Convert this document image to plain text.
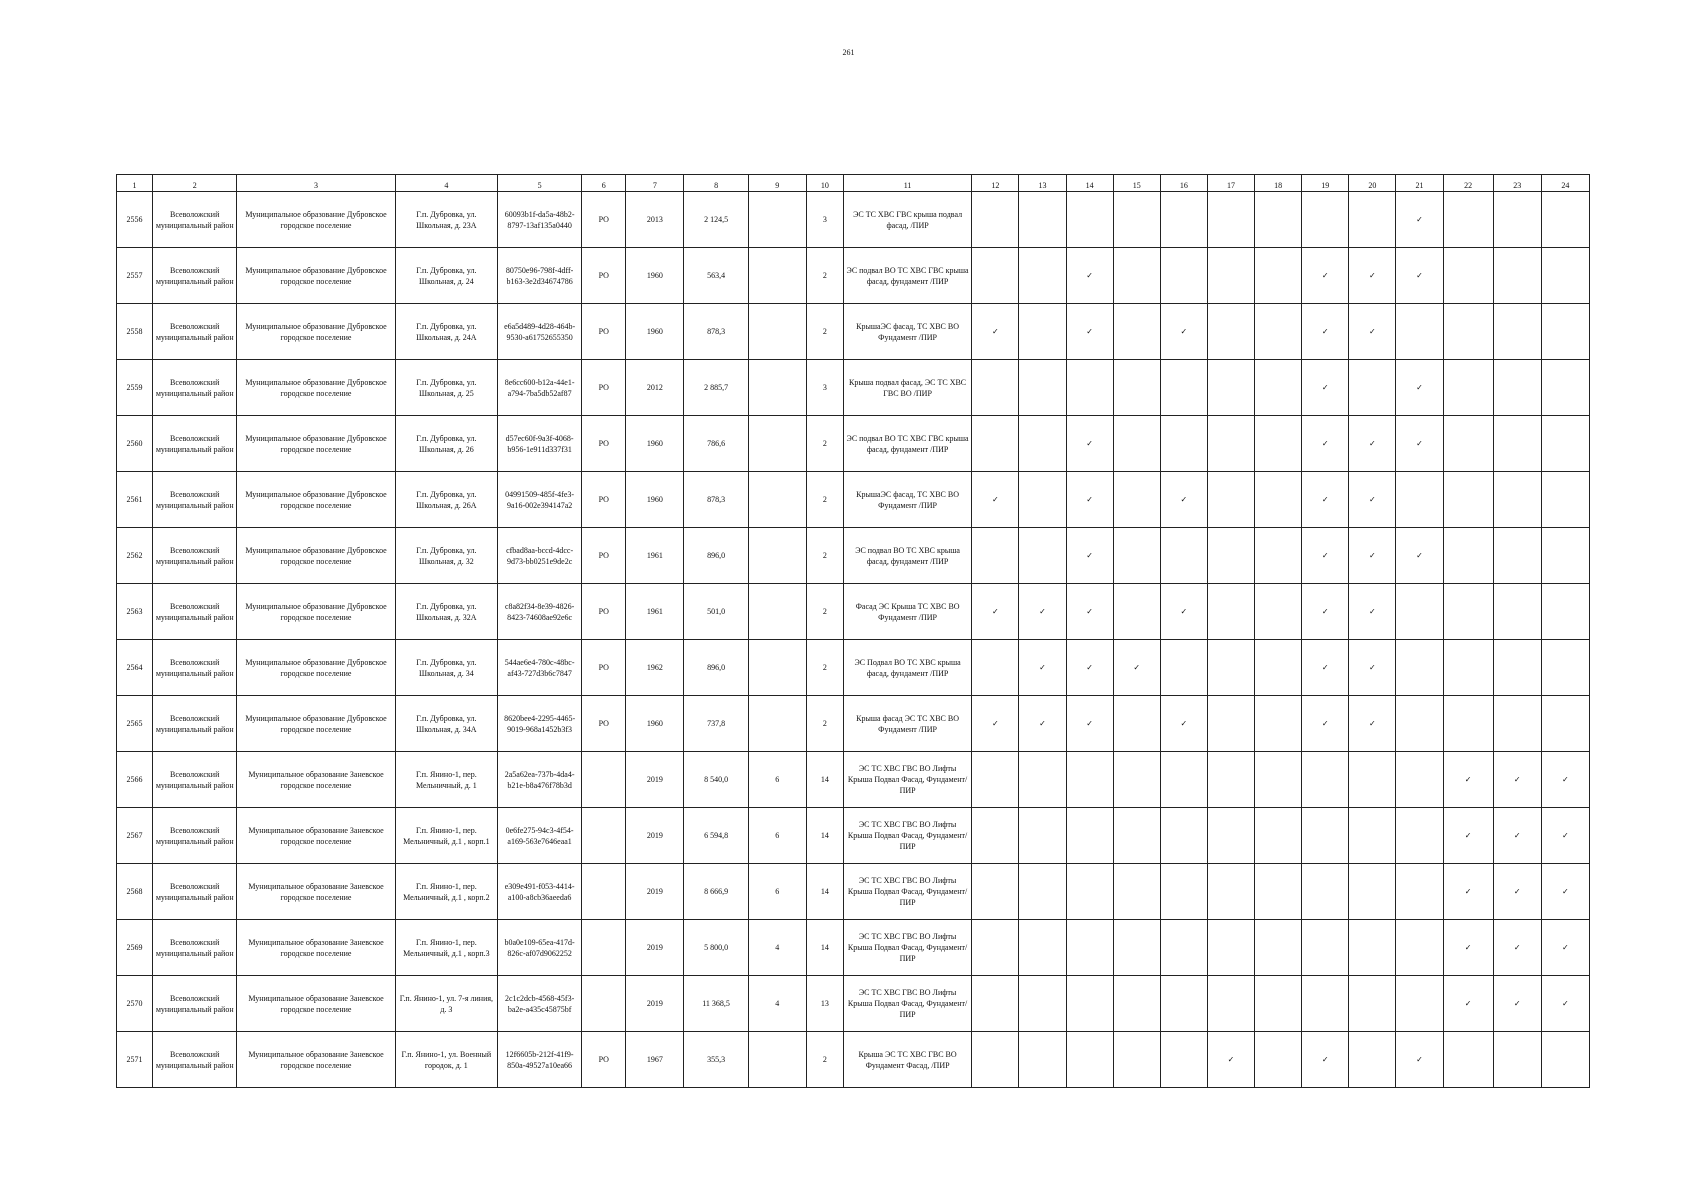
261
1	2	3	4	5	6	7	8	9	10	11	12	13	14	15	16	17	18	19	20	21	22	23	24
2556	Всеволожский муниципальный район	Муниципальное образование Дубровское городское поселение	Г.п. Дубровка, ул. Школьная, д. 23А	60093b1f-da5a-48b2-8797-13af135a0440	РО	2013	2 124,5		3	ЭС ТС ХВС ГВС крыша подвал фасад, /ПИР										✓			
2557	Всеволожский муниципальный район	Муниципальное образование Дубровское городское поселение	Г.п. Дубровка, ул. Школьная, д. 24	80750e96-798f-4dff-b163-3e2d34674786	РО	1960	563,4		2	ЭС подвал ВО ТС ХВС ГВС крыша фасад, фундамент /ПИР			✓					✓	✓	✓			
2558	Всеволожский муниципальный район	Муниципальное образование Дубровское городское поселение	Г.п. Дубровка, ул. Школьная, д. 24А	e6a5d489-4d28-464b-9530-a61752655350	РО	1960	878,3		2	КрышаЭС фасад, ТС ХВС ВО Фундамент /ПИР	✓		✓		✓			✓	✓				
2559	Всеволожский муниципальный район	Муниципальное образование Дубровское городское поселение	Г.п. Дубровка, ул. Школьная, д. 25	8e6cc600-b12a-44e1-a794-7ba5db52af87	РО	2012	2 885,7		3	Крыша подвал фасад, ЭС ТС ХВС ГВС ВО /ПИР								✓		✓			
2560	Всеволожский муниципальный район	Муниципальное образование Дубровское городское поселение	Г.п. Дубровка, ул. Школьная, д. 26	d57ec60f-9a3f-4068-b956-1e911d337f31	РО	1960	786,6		2	ЭС подвал ВО ТС ХВС ГВС крыша фасад, фундамент /ПИР			✓					✓	✓	✓			
2561	Всеволожский муниципальный район	Муниципальное образование Дубровское городское поселение	Г.п. Дубровка, ул. Школьная, д. 26А	04991509-485f-4fe3-9a16-002e394147a2	РО	1960	878,3		2	КрышаЭС фасад, ТС ХВС ВО Фундамент /ПИР	✓		✓		✓			✓	✓				
2562	Всеволожский муниципальный район	Муниципальное образование Дубровское городское поселение	Г.п. Дубровка, ул. Школьная, д. 32	cfbad8aa-bccd-4dcc-9d73-bb0251e9de2c	РО	1961	896,0		2	ЭС подвал ВО ТС ХВС крыша фасад, фундамент /ПИР			✓					✓	✓	✓			
2563	Всеволожский муниципальный район	Муниципальное образование Дубровское городское поселение	Г.п. Дубровка, ул. Школьная, д. 32А	c8a82f34-8e39-4826-8423-74608ae92e6c	РО	1961	501,0		2	Фасад ЭС Крыша ТС ХВС ВО Фундамент /ПИР	✓	✓	✓		✓			✓	✓				
2564	Всеволожский муниципальный район	Муниципальное образование Дубровское городское поселение	Г.п. Дубровка, ул. Школьная, д. 34	544ae6e4-780c-48bc-af43-727d3b6c7847	РО	1962	896,0		2	ЭС Подвал ВО ТС ХВС крыша фасад, фундамент /ПИР		✓	✓	✓				✓	✓				
2565	Всеволожский муниципальный район	Муниципальное образование Дубровское городское поселение	Г.п. Дубровка, ул. Школьная, д. 34А	8620bee4-2295-4465-9019-968a1452b3f3	РО	1960	737,8		2	Крыша фасад ЭС ТС ХВС ВО Фундамент /ПИР	✓	✓	✓		✓			✓	✓				
2566	Всеволожский муниципальный район	Муниципальное образование Заневское городское поселение	Г.п. Янино-1, пер. Мельничный, д. 1	2a5a62ea-737b-4da4-b21e-b8a476f78b3d		2019	8 540,0	6	14	ЭС ТС ХВС ГВС ВО Лифты Крыша Подвал Фасад, Фундамент/ ПИР											✓	✓	✓
2567	Всеволожский муниципальный район	Муниципальное образование Заневское городское поселение	Г.п. Янино-1, пер. Мельничный, д.1 , корп.1	0e6fe275-94c3-4f54-a169-563e7646eaa1		2019	6 594,8	6	14	ЭС ТС ХВС ГВС ВО Лифты Крыша Подвал Фасад, Фундамент/ ПИР											✓	✓	✓
2568	Всеволожский муниципальный район	Муниципальное образование Заневское городское поселение	Г.п. Янино-1, пер. Мельничный, д.1 , корп.2	e309e491-f053-4414-a100-a8cb36aeeda6		2019	8 666,9	6	14	ЭС ТС ХВС ГВС ВО Лифты Крыша Подвал Фасад, Фундамент/ ПИР											✓	✓	✓
2569	Всеволожский муниципальный район	Муниципальное образование Заневское городское поселение	Г.п. Янино-1, пер. Мельничный, д.1 , корп.3	b0a0e109-65ea-417d-826c-af07d9062252		2019	5 800,0	4	14	ЭС ТС ХВС ГВС ВО Лифты Крыша Подвал Фасад, Фундамент/ ПИР											✓	✓	✓
2570	Всеволожский муниципальный район	Муниципальное образование Заневское городское поселение	Г.п. Янино-1, ул. 7-я линия, д. 3	2c1c2dcb-4568-45f3-ba2e-a435c45875bf		2019	11 368,5	4	13	ЭС ТС ХВС ГВС ВО Лифты Крыша Подвал Фасад, Фундамент/ ПИР											✓	✓	✓
2571	Всеволожский муниципальный район	Муниципальное образование Заневское городское поселение	Г.п. Янино-1, ул. Военный городок, д. 1	12f6605b-212f-41f9-850a-49527a10ea66	РО	1967	355,3		2	Крыша ЭС ТС ХВС ГВС ВО Фундамент Фасад, /ПИР						✓		✓		✓			
